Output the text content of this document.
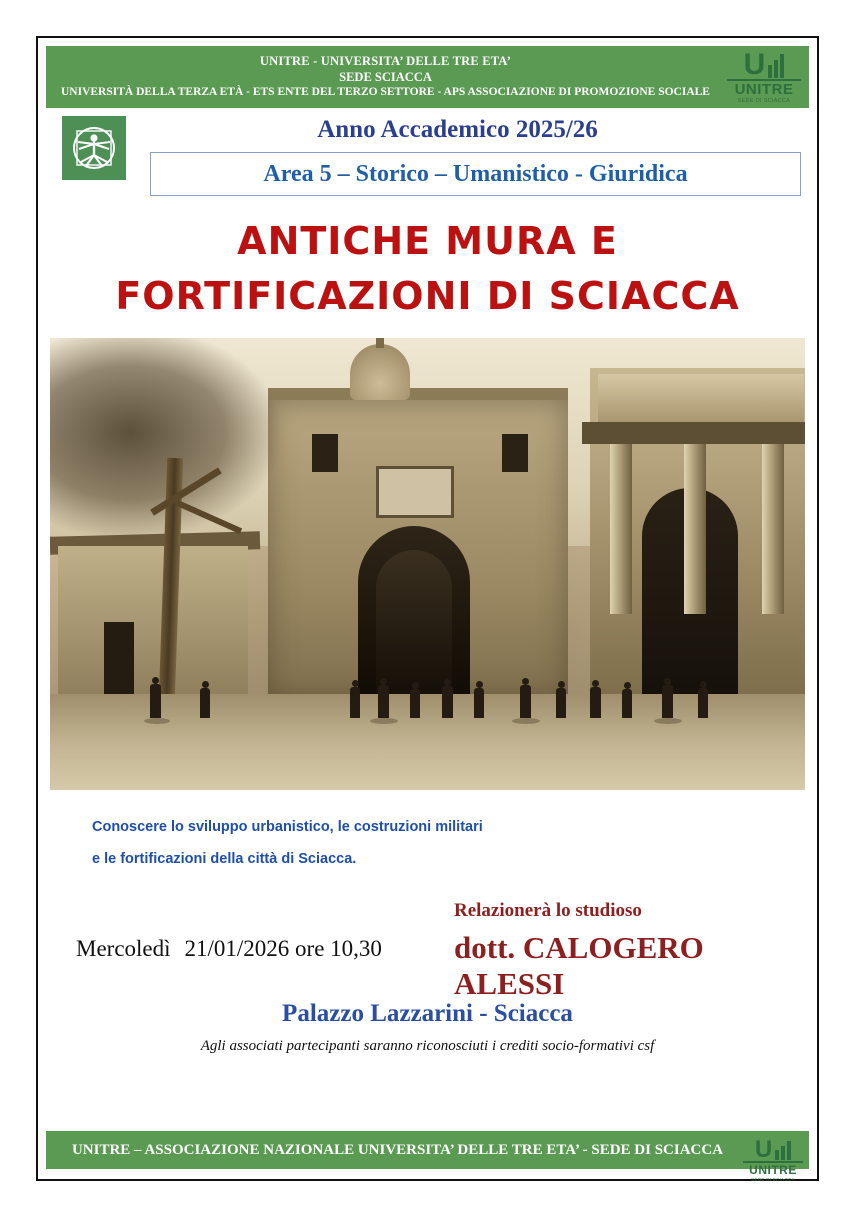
UNITRE - UNIVERSITA’ DELLE TRE ETA’
SEDE SCIACCA
UNIVERSITÀ DELLA TERZA ETÀ - ETS ENTE DEL TERZO SETTORE - APS ASSOCIAZIONE DI PROMOZIONE SOCIALE
U
UNITRE
SEDE DI SCIACCA
Anno Accademico 2025/26
Area 5 – Storico – Umanistico - Giuridica
ANTICHE MURA E
FORTIFICAZIONI DI SCIACCA
Conoscere lo sviluppo urbanistico, le costruzioni militari
e le fortificazioni della città di Sciacca.
Relazionerà lo studioso
dott. CALOGERO ALESSI
Mercoledì 21/01/2026 ore 10,30
Palazzo Lazzarini - Sciacca
Agli associati partecipanti saranno riconosciuti i crediti socio-formativi csf
UNITRE – ASSOCIAZIONE NAZIONALE UNIVERSITA’ DELLE TRE ETA’ - SEDE DI SCIACCA	U
UNITRE
SEDE DI SCIACCA
